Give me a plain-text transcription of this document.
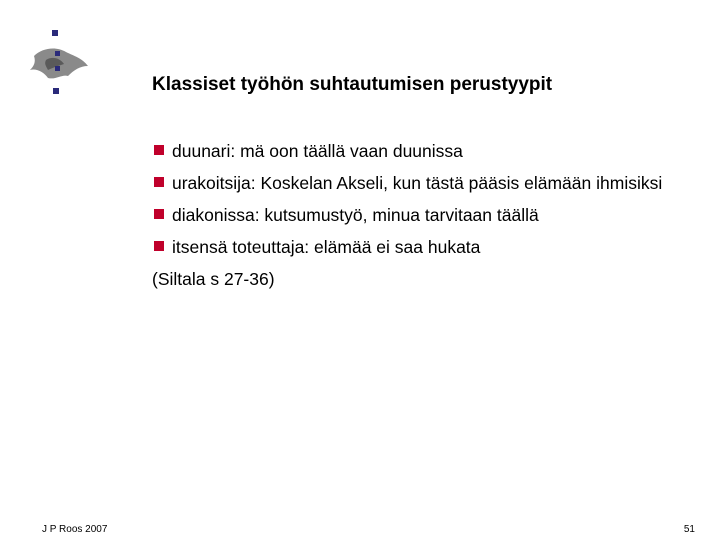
Klassiset työhön suhtautumisen perustyypit
duunari: mä oon täällä vaan duunissa
urakoitsija: Koskelan Akseli, kun tästä pääsis elämään ihmisiksi
diakonissa: kutsumustyö, minua tarvitaan täällä
itsensä toteuttaja: elämää ei saa hukata
(Siltala s 27-36)
J P Roos 2007	51
